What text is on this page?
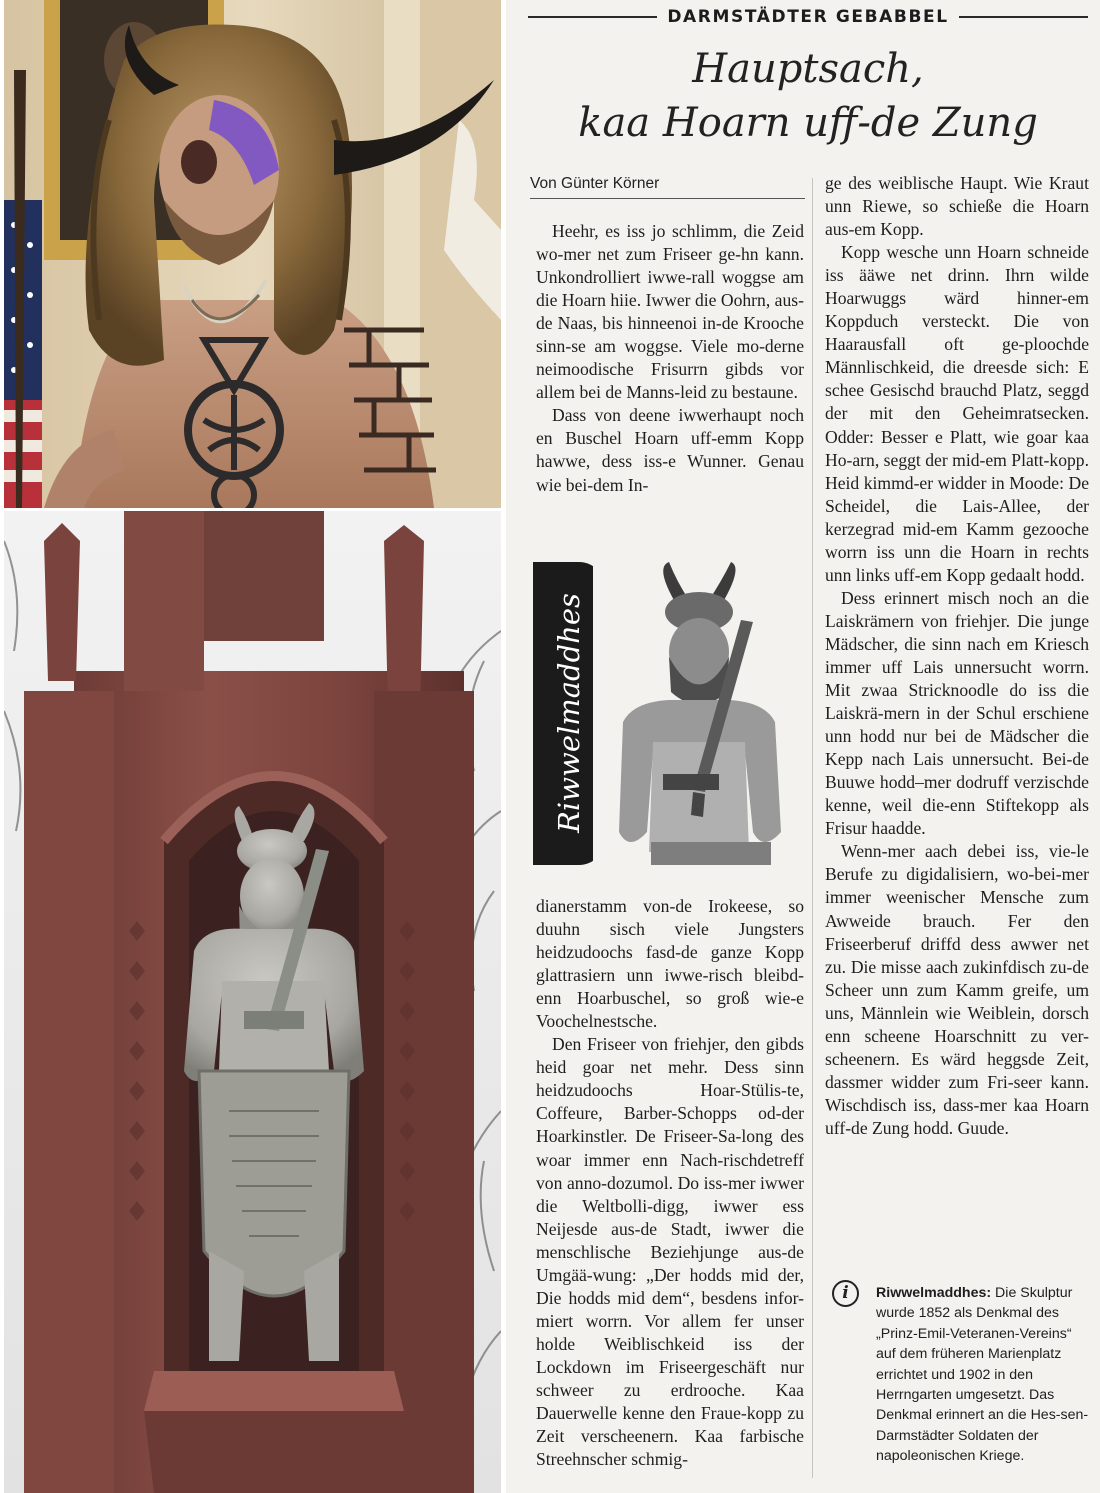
DARMSTÄDTER GEBABBEL
Hauptsach,
kaa Hoarn uff-de Zung
Von Günter Körner

Heehr, es iss jo schlimm, die Zeid wo-mer net zum Friseer ge-hn kann. Unkondrolliert iwwe-rall woggse am die Hoarn hiie. Iwwer die Oohrn, aus-de Naas, bis hinneenoi in-de Krooche sinn-se am woggse. Viele mo-derne neimoodische Frisurrn gibds vor allem bei de Manns-leid zu bestaune.

Dass von deene iwwerhaupt noch en Buschel Hoarn uff-emm Kopp hawwe, dess iss-e Wunner. Genau wie bei-dem In-

Riwwelmaddhes

dianerstamm von-de Irokeese, so duuhn sisch viele Jungsters heidzudoochs fasd-de ganze Kopp glattrasiern unn iwwe-risch bleibd-enn Hoarbuschel, so groß wie-e Voochelnestsche.

Den Friseer von friehjer, den gibds heid goar net mehr. Dess sinn heidzudoochs Hoar-Stülis-te, Coffeure, Barber-Schopps od-der Hoarkinstler. De Friseer-Sa-long des woar immer enn Nach-rischdetreff von anno-dozumol. Do iss-mer iwwer die Weltbolli-digg, iwwer ess Neijesde aus-de Stadt, iwwer die menschlische Beziehjunge aus-de Umgää-wung: „Der hodds mid der, Die hodds mid dem“, besdens infor-miert worrn. Vor allem fer unser holde Weiblischkeid iss der Lockdown im Friseergeschäft nur schweer zu erdrooche. Kaa Dauerwelle kenne den Fraue-kopp zu Zeit verscheenern. Kaa farbische Streehnscher schmig-

ge des weiblische Haupt. Wie Kraut unn Riewe, so schieße die Hoarn aus-em Kopp.

Kopp wesche unn Hoarn schneide iss ääwe net drinn. Ihrn wilde Hoarwuggs wärd hinner-em Koppduch versteckt. Die von Haarausfall oft ge-ploochde Männlischkeid, die dreesde sich: E schee Gesischd brauchd Platz, seggd der mit den Geheimratsecken. Odder: Besser e Platt, wie goar kaa Ho-arn, seggt der mid-em Platt-kopp. Heid kimmd-er widder in Moode: De Scheidel, die Lais-Allee, der kerzegrad mid-em Kamm gezooche worrn iss unn die Hoarn in rechts unn links uff-em Kopp gedaalt hodd.

Dess erinnert misch noch an die Laiskrämern von friehjer. Die junge Mädscher, die sinn nach em Kriesch immer uff Lais unnersucht worrn. Mit zwaa Stricknoodle do iss die Laiskrä-mern in der Schul erschiene unn hodd nur bei de Mädscher die Kepp nach Lais unnersucht. Bei-de Buuwe hodd–mer dodruff verzischde kenne, weil die-enn Stiftekopp als Frisur haadde.

Wenn-mer aach debei iss, vie-le Berufe zu digidalisiern, wo-bei-mer immer weenischer Mensche zum Awweide brauch. Fer den Friseerberuf driffd dess awwer net zu. Die misse aach zukinfdisch zu-de Scheer unn zum Kamm greife, um uns, Männlein wie Weiblein, dorsch enn scheene Hoarschnitt zu ver-scheenern. Es wärd heggsde Zeit, dassmer widder zum Fri-seer kann. Wischdisch iss, dass-mer kaa Hoarn uff-de Zung hodd. Guude.

i	Riwwelmaddhes: Die Skulptur wurde 1852 als Denkmal des „Prinz-Emil-Veteranen-Vereins“ auf dem früheren Marienplatz errichtet und 1902 in den Herrngarten umgesetzt. Das Denkmal erinnert an die Hes-sen-Darmstädter Soldaten der napoleonischen Kriege.
